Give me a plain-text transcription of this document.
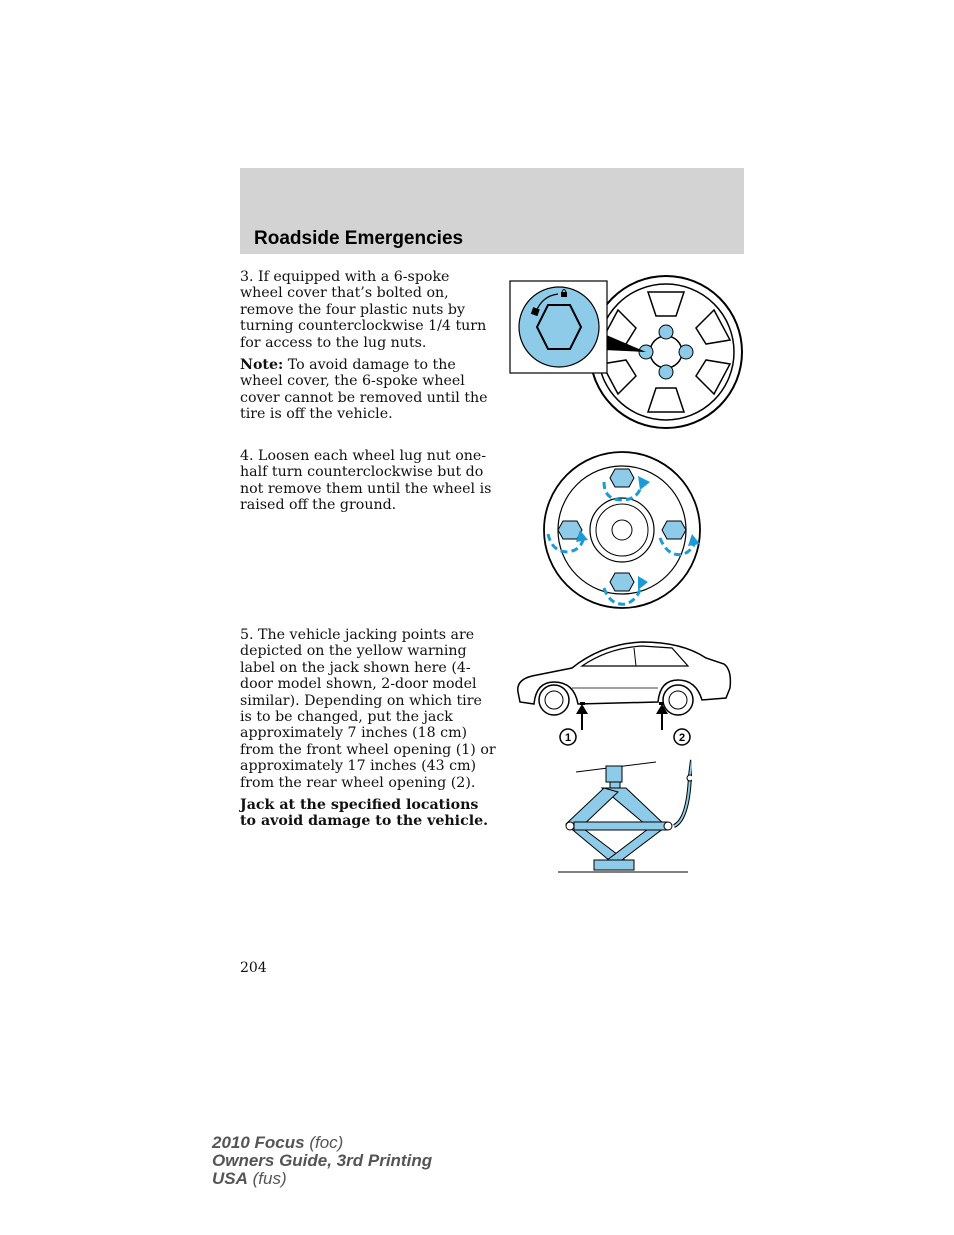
Roadside Emergencies

3. If equipped with a 6-spoke wheel cover that’s bolted on, remove the four plastic nuts by turning counterclockwise 1/4 turn for access to the lug nuts.

Note: To avoid damage to the wheel cover, the 6-spoke wheel cover cannot be removed until the tire is off the vehicle.

4. Loosen each wheel lug nut one-half turn counterclockwise but do not remove them until the wheel is raised off the ground.

5. The vehicle jacking points are depicted on the yellow warning label on the jack shown here (4-door model shown, 2-door model similar). Depending on which tire is to be changed, put the jack approximately 7 inches (18 cm) from the front wheel opening (1) or approximately 17 inches (43 cm) from the rear wheel opening (2).

Jack at the specified locations to avoid damage to the vehicle.

1	2
204
2010 Focus (foc)
Owners Guide, 3rd Printing
USA (fus)
